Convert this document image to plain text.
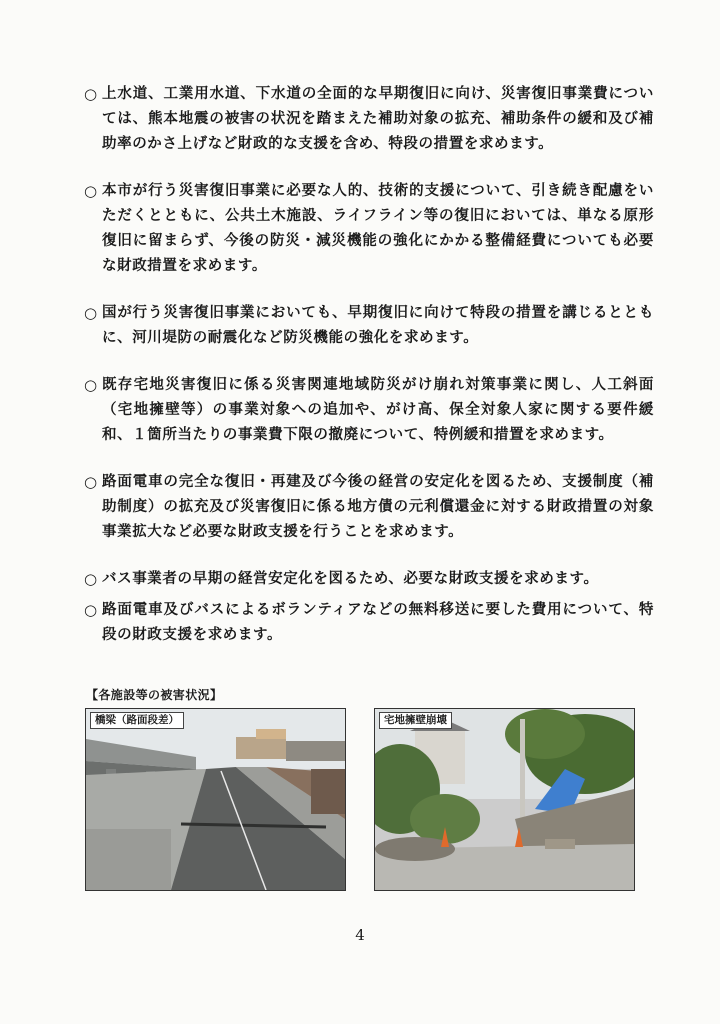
○ 上水道、工業用水道、下水道の全面的な早期復旧に向け、災害復旧事業費については、熊本地震の被害の状況を踏まえた補助対象の拡充、補助条件の緩和及び補助率のかさ上げなど財政的な支援を含め、特段の措置を求めます。
○ 本市が行う災害復旧事業に必要な人的、技術的支援について、引き続き配慮をいただくとともに、公共土木施設、ライフライン等の復旧においては、単なる原形復旧に留まらず、今後の防災・減災機能の強化にかかる整備経費についても必要な財政措置を求めます。
○ 国が行う災害復旧事業においても、早期復旧に向けて特段の措置を講じるとともに、河川堤防の耐震化など防災機能の強化を求めます。
○ 既存宅地災害復旧に係る災害関連地域防災がけ崩れ対策事業に関し、人工斜面（宅地擁壁等）の事業対象への追加や、がけ高、保全対象人家に関する要件緩和、１箇所当たりの事業費下限の撤廃について、特例緩和措置を求めます。
○ 路面電車の完全な復旧・再建及び今後の経営の安定化を図るため、支援制度（補助制度）の拡充及び災害復旧に係る地方債の元利償還金に対する財政措置の対象事業拡大など必要な財政支援を行うことを求めます。
○ バス事業者の早期の経営安定化を図るため、必要な財政支援を求めます。
○ 路面電車及びバスによるボランティアなどの無料移送に要した費用について、特段の財政支援を求めます。
【各施設等の被害状況】
橋梁（路面段差）	宅地擁壁崩壊
4
